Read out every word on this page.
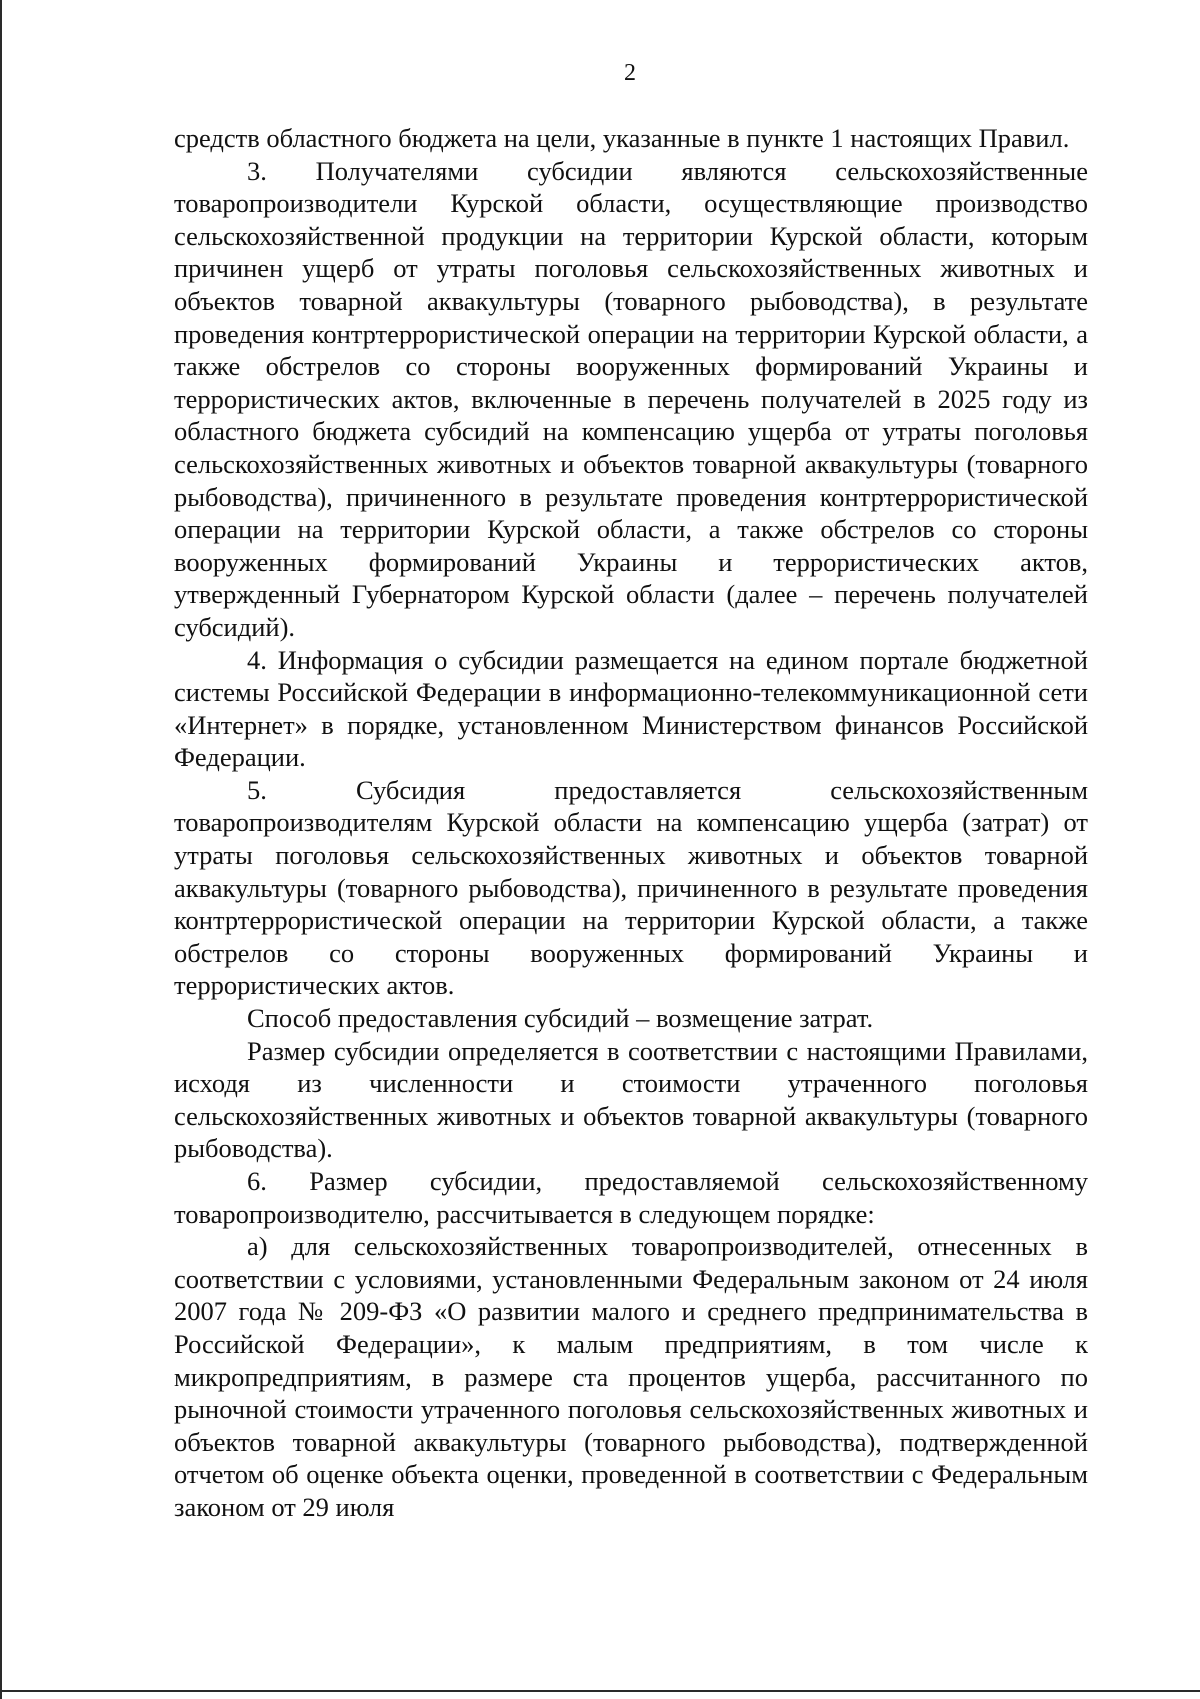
2

средств областного бюджета на цели, указанные в пункте 1 настоящих Правил.

3. Получателями субсидии являются сельскохозяйственные товаропроизводители Курской области, осуществляющие производство сельскохозяйственной продукции на территории Курской области, которым причинен ущерб от утраты поголовья сельскохозяйственных животных и объектов товарной аквакультуры (товарного рыбоводства), в результате проведения контртеррористической операции на территории Курской области, а также обстрелов со стороны вооруженных формирований Украины и террористических актов, включенные в перечень получателей в 2025 году из областного бюджета субсидий на компенсацию ущерба от утраты поголовья сельскохозяйственных животных и объектов товарной аквакультуры (товарного рыбоводства), причиненного в результате проведения контртеррористической операции на территории Курской области, а также обстрелов со стороны вооруженных формирований Украины и террористических актов, утвержденный Губернатором Курской области (далее – перечень получателей субсидий).

4. Информация о субсидии размещается на едином портале бюджетной системы Российской Федерации в информационно-телекоммуникационной сети «Интернет» в порядке, установленном Министерством финансов Российской Федерации.

5. Субсидия предоставляется сельскохозяйственным товаропроизводителям Курской области на компенсацию ущерба (затрат) от утраты поголовья сельскохозяйственных животных и объектов товарной аквакультуры (товарного рыбоводства), причиненного в результате проведения контртеррористической операции на территории Курской области, а также обстрелов со стороны вооруженных формирований Украины и террористических актов.

Способ предоставления субсидий – возмещение затрат.

Размер субсидии определяется в соответствии с настоящими Правилами, исходя из численности и стоимости утраченного поголовья сельскохозяйственных животных и объектов товарной аквакультуры (товарного рыбоводства).

6. Размер субсидии, предоставляемой сельскохозяйственному товаропроизводителю, рассчитывается в следующем порядке:

а) для сельскохозяйственных товаропроизводителей, отнесенных в соответствии с условиями, установленными Федеральным законом от 24 июля 2007 года № 209-ФЗ «О развитии малого и среднего предпринимательства в Российской Федерации», к малым предприятиям, в том числе к микропредприятиям, в размере ста процентов ущерба, рассчитанного по рыночной стоимости утраченного поголовья сельскохозяйственных животных и объектов товарной аквакультуры (товарного рыбоводства), подтвержденной отчетом об оценке объекта оценки, проведенной в соответствии с Федеральным законом от 29 июля
